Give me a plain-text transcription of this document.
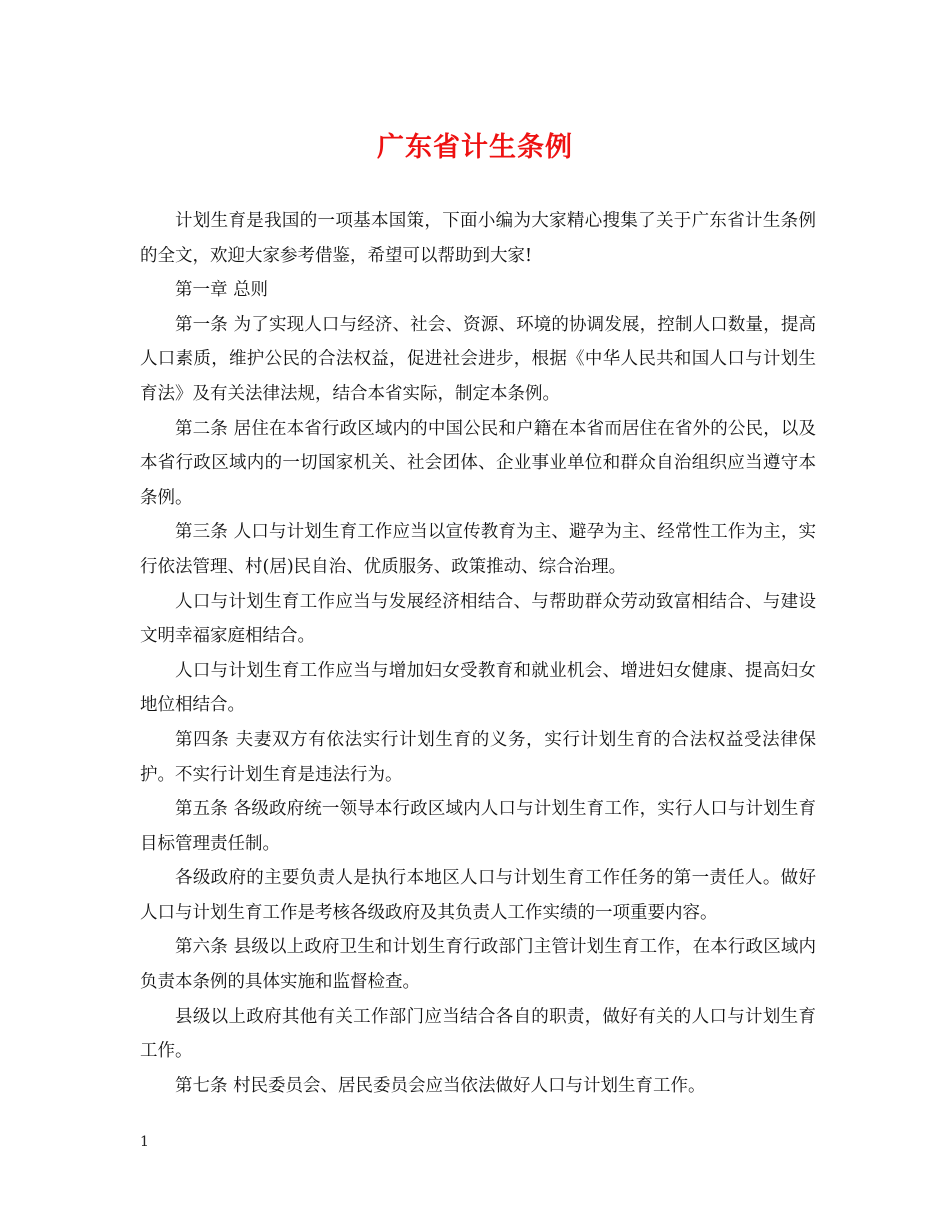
广东省计生条例

计划生育是我国的一项基本国策，下面小编为大家精心搜集了关于广东省计生条例的全文，欢迎大家参考借鉴，希望可以帮助到大家!

第一章 总则

第一条 为了实现人口与经济、社会、资源、环境的协调发展，控制人口数量，提高人口素质，维护公民的合法权益，促进社会进步，根据《中华人民共和国人口与计划生育法》及有关法律法规，结合本省实际，制定本条例。

第二条 居住在本省行政区域内的中国公民和户籍在本省而居住在省外的公民，以及本省行政区域内的一切国家机关、社会团体、企业事业单位和群众自治组织应当遵守本条例。

第三条 人口与计划生育工作应当以宣传教育为主、避孕为主、经常性工作为主，实行依法管理、村(居)民自治、优质服务、政策推动、综合治理。

人口与计划生育工作应当与发展经济相结合、与帮助群众劳动致富相结合、与建设文明幸福家庭相结合。

人口与计划生育工作应当与增加妇女受教育和就业机会、增进妇女健康、提高妇女地位相结合。

第四条 夫妻双方有依法实行计划生育的义务，实行计划生育的合法权益受法律保护。不实行计划生育是违法行为。

第五条 各级政府统一领导本行政区域内人口与计划生育工作，实行人口与计划生育目标管理责任制。

各级政府的主要负责人是执行本地区人口与计划生育工作任务的第一责任人。做好人口与计划生育工作是考核各级政府及其负责人工作实绩的一项重要内容。

第六条 县级以上政府卫生和计划生育行政部门主管计划生育工作，在本行政区域内负责本条例的具体实施和监督检查。

县级以上政府其他有关工作部门应当结合各自的职责，做好有关的人口与计划生育工作。

第七条 村民委员会、居民委员会应当依法做好人口与计划生育工作。

1
